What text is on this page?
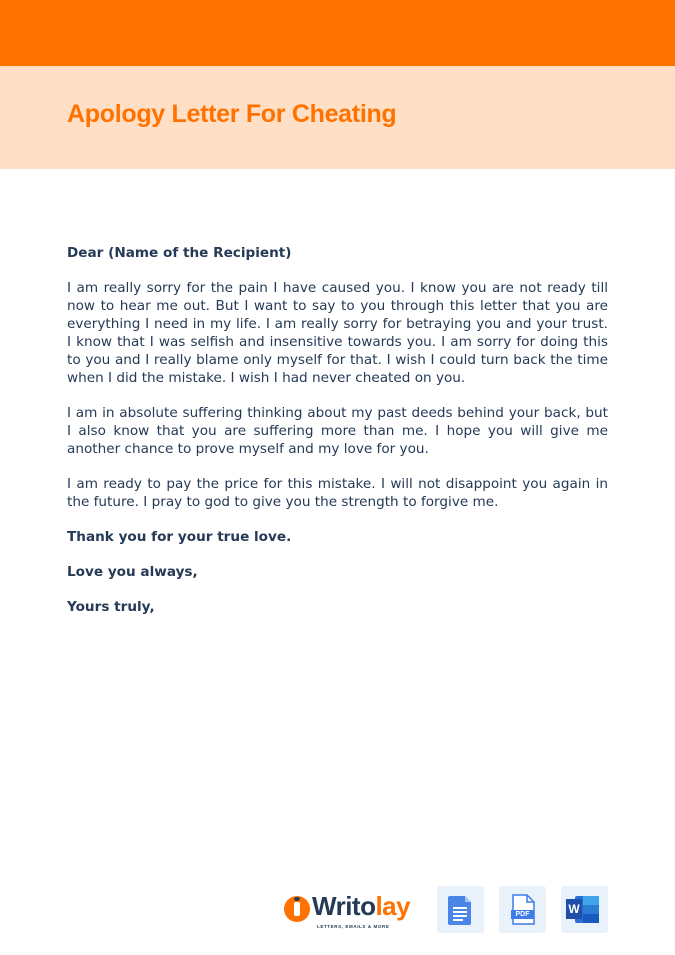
Apology Letter For Cheating

Dear (Name of the Recipient)

I am really sorry for the pain I have caused you. I know you are not ready till now to hear me out. But I want to say to you through this letter that you are everything I need in my life. I am really sorry for betraying you and your trust. I know that I was selfish and insensitive towards you. I am sorry for doing this to you and I really blame only myself for that. I wish I could turn back the time when I did the mistake. I wish I had never cheated on you.

I am in absolute suffering thinking about my past deeds behind your back, but I also know that you are suffering more than me. I hope you will give me another chance to prove myself and my love for you.

I am ready to pay the price for this mistake. I will not disappoint you again in the future. I pray to god to give you the strength to forgive me.

Thank you for your true love.

Love you always,

Yours truly,

Writolay
LETTERS, EMAILS & MORE
PDF	W
